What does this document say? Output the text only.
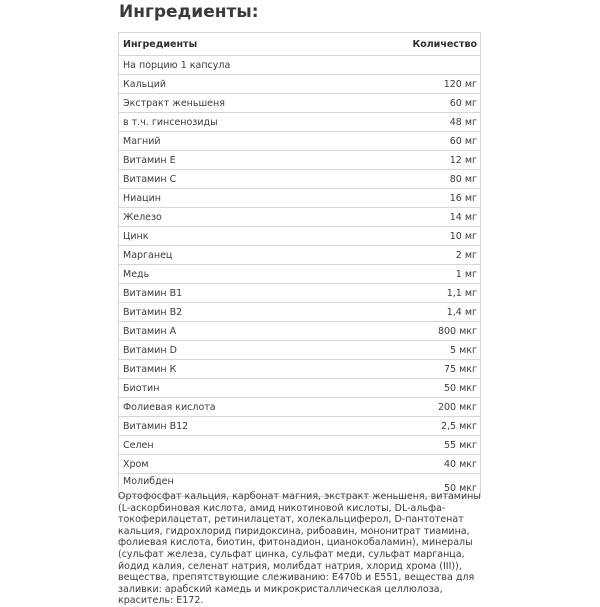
Ингредиенты:
Ингредиенты	Количество
На порцию 1 капсула	
Кальций	120 мг
Экстракт женьшеня	60 мг
в т.ч. гинсенозиды	48 мг
Магний	60 мг
Витамин Е	12 мг
Витамин С	80 мг
Ниацин	16 мг
Железо	14 мг
Цинк	10 мг
Марганец	2 мг
Медь	1 мг
Витамин В1	1,1 мг
Витамин В2	1,4 мг
Витамин А	800 мкг
Витамин D	5 мкг
Витамин К	75 мкг
Биотин	50 мкг
Фолиевая кислота	200 мкг
Витамин В12	2,5 мкг
Селен	55 мкг
Хром	40 мкг
Молибден	50 мкг

Ортофосфат кальция, карбонат магния, экстракт женьшеня, витамины (L-аскорбиновая кислота, амид никотиновой кислоты, DL-альфа-токоферилацетат, ретинилацетат, холекальциферол, D-пантотенат кальция, гидрохлорид пиридоксина, рибоавин, мононитрат тиамина, фолиевая кислота, биотин, фитонадион, цианокобаламин), минералы (сульфат железа, сульфат цинка, сульфат меди, сульфат марганца, йодид калия, селенат натрия, молибдат натрия, хлорид хрома (III)), вещества, препятствующие слеживанию: E470b и E551, вещества для заливки: арабский камедь и микрокристаллическая целлюлоза, краситель: E172.
